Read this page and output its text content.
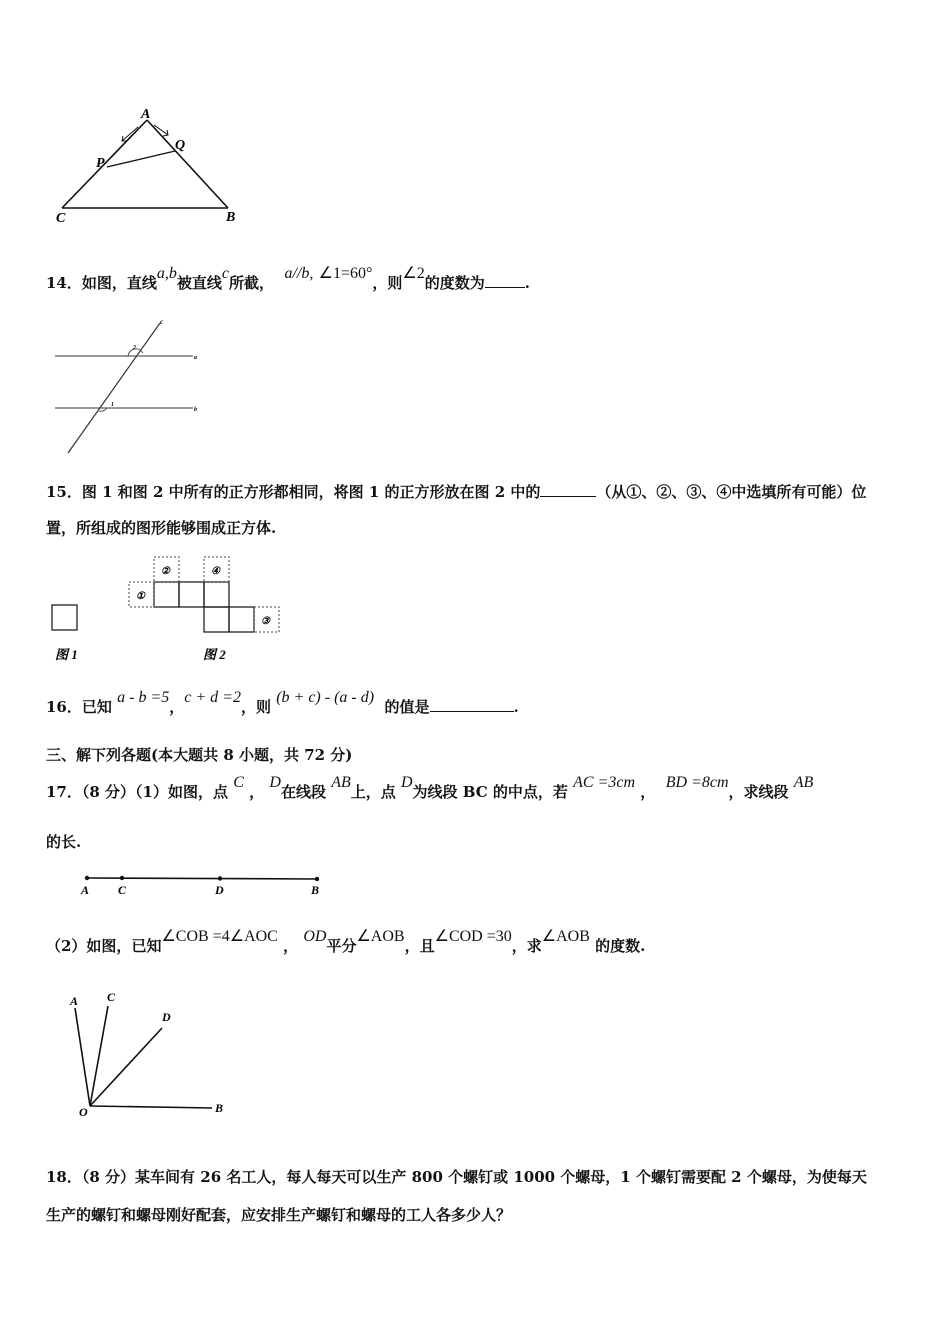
A
P
Q
C	B
14．如图，直线a,b被直线c所截，  a//b, ∠1=60°，则∠2的度数为	.
c
a
b
2
1
15．图 1 和图 2 中所有的正方形都相同，将图 1 的正方形放在图 2 中的	（从①、②、③、④中选填所有可能）位
置，所组成的图形能够围成正方体.
①
②	④
③
图 1	图 2
16．已知 a - b =5，c + d =2，则 (b + c) - (a - d)  的值是	.
三、解下列各题(本大题共 8 小题，共 72 分)
17．（8 分）（1）如图，点 C ， D在线段 AB上，点 D为线段 BC 的中点，若 AC =3cm ，  BD =8cm，求线段 AB
的长.
A C	D	B
（2）如图，已知∠COB =4∠AOC ， OD平分∠AOB，且∠COD =30，求∠AOB 的度数.
A C
D
O	B
18．（8 分）某车间有 26 名工人，每人每天可以生产 800 个螺钉或 1000 个螺母，1 个螺钉需要配 2 个螺母，为使每天
生产的螺钉和螺母刚好配套，应安排生产螺钉和螺母的工人各多少人？
